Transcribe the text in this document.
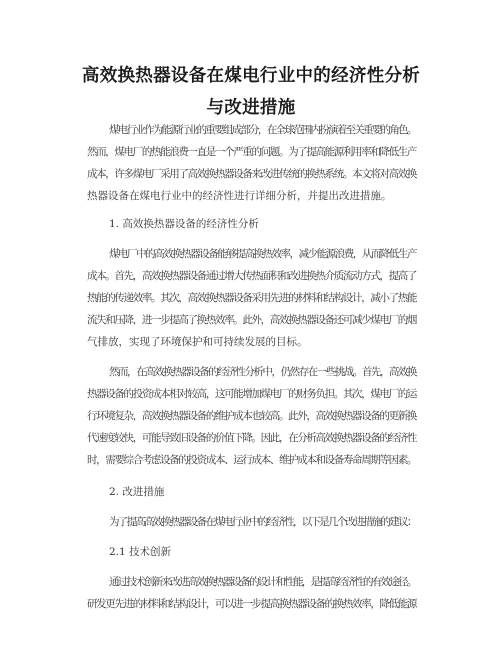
高效换热器设备在煤电行业中的经济性分析
与改进措施
煤电行业作为能源行业的重要组成部分，在全球范围内扮演着至关重要的角色。
然而，煤电厂的热能浪费一直是一个严重的问题。为了提高能源利用率和降低生产
成本，许多煤电厂采用了高效换热器设备来改进传统的换热系统。本文将对高效换
热器设备在煤电行业中的经济性进行详细分析，并提出改进措施。
1. 高效换热器设备的经济性分析
煤电厂中的高效换热器设备能够提高换热效率，减少能源浪费，从而降低生产
成本。首先，高效换热器设备通过增大传热面积和改进换热介质流动方式，提高了
热能的传递效率。其次，高效换热器设备采用先进的材料和结构设计，减小了热能
流失和压降，进一步提高了换热效率。此外，高效换热器设备还可减少煤电厂的烟
气排放，实现了环境保护和可持续发展的目标。
然而，在高效换热器设备的经济性分析中，仍然存在一些挑战。首先，高效换
热器设备的投资成本相对较高，这可能增加煤电厂的财务负担。其次，煤电厂的运
行环境复杂，高效换热器设备的维护成本也较高。此外，高效换热器设备的更新换
代速度较快，可能导致旧设备的价值下降。因此，在分析高效换热器设备的经济性
时，需要综合考虑设备的投资成本、运行成本、维护成本和设备寿命周期等因素。
2. 改进措施
为了提高高效换热器设备在煤电行业中的经济性，以下是几个改进措施的建议：
2.1 技术创新
通过技术创新来改进高效换热器设备的设计和性能，是提高经济性的有效途径。
研发更先进的材料和结构设计，可以进一步提高换热器设备的换热效率，降低能源
